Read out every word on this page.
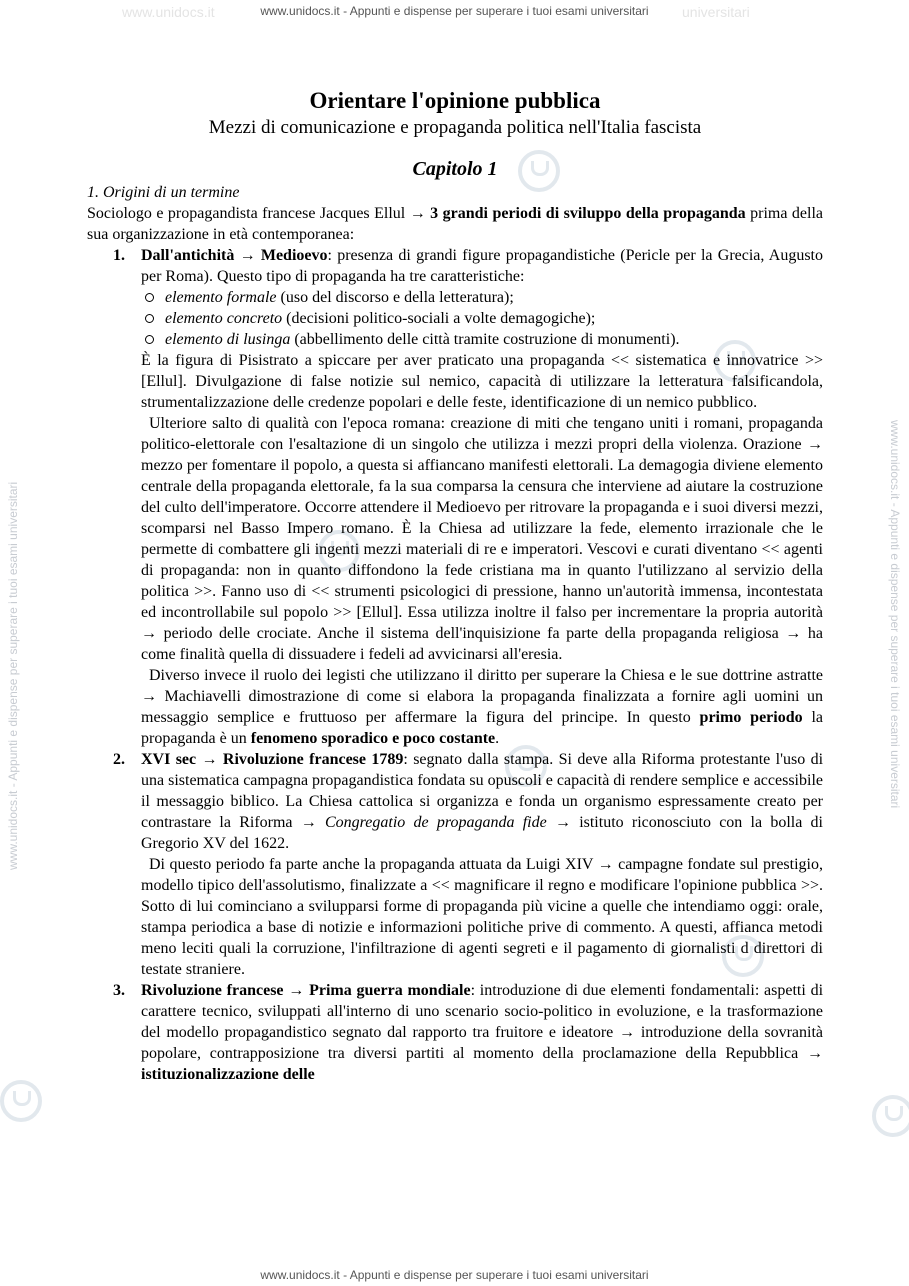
www.unidocs.it - Appunti e dispense per superare i tuoi esami universitari
www.unidocs.it - Appunti e dispense per superare i tuoi esami universitari
www.unidocs.it	universitari
www.unidocs.it - Appunti e dispense per superare i tuoi esami universitari	www.unidocs.it - Appunti e dispense per superare i tuoi esami universitari
Orientare l'opinione pubblica
Mezzi di comunicazione e propaganda politica nell'Italia fascista
Capitolo 1
1. Origini di un termine

Sociologo e propagandista francese Jacques Ellul → 3 grandi periodi di sviluppo della propaganda prima della sua organizzazione in età contemporanea:

1. Dall'antichità → Medioevo: presenza di grandi figure propagandistiche (Pericle per la Grecia, Augusto per Roma). Questo tipo di propaganda ha tre caratteristiche:

elemento formale (uso del discorso e della letteratura);
elemento concreto (decisioni politico-sociali a volte demagogiche);
elemento di lusinga (abbellimento delle città tramite costruzione di monumenti).

È la figura di Pisistrato a spiccare per aver praticato una propaganda << sistematica e innovatrice >> [Ellul]. Divulgazione di false notizie sul nemico, capacità di utilizzare la letteratura falsificandola, strumentalizzazione delle credenze popolari e delle feste, identificazione di un nemico pubblico.

Ulteriore salto di qualità con l'epoca romana: creazione di miti che tengano uniti i romani, propaganda politico-elettorale con l'esaltazione di un singolo che utilizza i mezzi propri della violenza. Orazione → mezzo per fomentare il popolo, a questa si affiancano manifesti elettorali. La demagogia diviene elemento centrale della propaganda elettorale, fa la sua comparsa la censura che interviene ad aiutare la costruzione del culto dell'imperatore. Occorre attendere il Medioevo per ritrovare la propaganda e i suoi diversi mezzi, scomparsi nel Basso Impero romano. È la Chiesa ad utilizzare la fede, elemento irrazionale che le permette di combattere gli ingenti mezzi materiali di re e imperatori. Vescovi e curati diventano << agenti di propaganda: non in quanto diffondono la fede cristiana ma in quanto l'utilizzano al servizio della politica >>. Fanno uso di << strumenti psicologici di pressione, hanno un'autorità immensa, incontestata ed incontrollabile sul popolo >> [Ellul]. Essa utilizza inoltre il falso per incrementare la propria autorità → periodo delle crociate. Anche il sistema dell'inquisizione fa parte della propaganda religiosa → ha come finalità quella di dissuadere i fedeli ad avvicinarsi all'eresia.

Diverso invece il ruolo dei legisti che utilizzano il diritto per superare la Chiesa e le sue dottrine astratte → Machiavelli dimostrazione di come si elabora la propaganda finalizzata a fornire agli uomini un messaggio semplice e fruttuoso per affermare la figura del principe. In questo primo periodo la propaganda è un fenomeno sporadico e poco costante.

2. XVI sec → Rivoluzione francese 1789: segnato dalla stampa. Si deve alla Riforma protestante l'uso di una sistematica campagna propagandistica fondata su opuscoli e capacità di rendere semplice e accessibile il messaggio biblico. La Chiesa cattolica si organizza e fonda un organismo espressamente creato per contrastare la Riforma → Congregatio de propaganda fide → istituto riconosciuto con la bolla di Gregorio XV del 1622.

Di questo periodo fa parte anche la propaganda attuata da Luigi XIV → campagne fondate sul prestigio, modello tipico dell'assolutismo, finalizzate a << magnificare il regno e modificare l'opinione pubblica >>. Sotto di lui cominciano a svilupparsi forme di propaganda più vicine a quelle che intendiamo oggi: orale, stampa periodica a base di notizie e informazioni politiche prive di commento. A questi, affianca metodi meno leciti quali la corruzione, l'infiltrazione di agenti segreti e il pagamento di giornalisti d direttori di testate straniere.

3. Rivoluzione francese → Prima guerra mondiale: introduzione di due elementi fondamentali: aspetti di carattere tecnico, sviluppati all'interno di uno scenario socio-politico in evoluzione, e la trasformazione del modello propagandistico segnato dal rapporto tra fruitore e ideatore → introduzione della sovranità popolare, contrapposizione tra diversi partiti al momento della proclamazione della Repubblica → istituzionalizzazione delle
